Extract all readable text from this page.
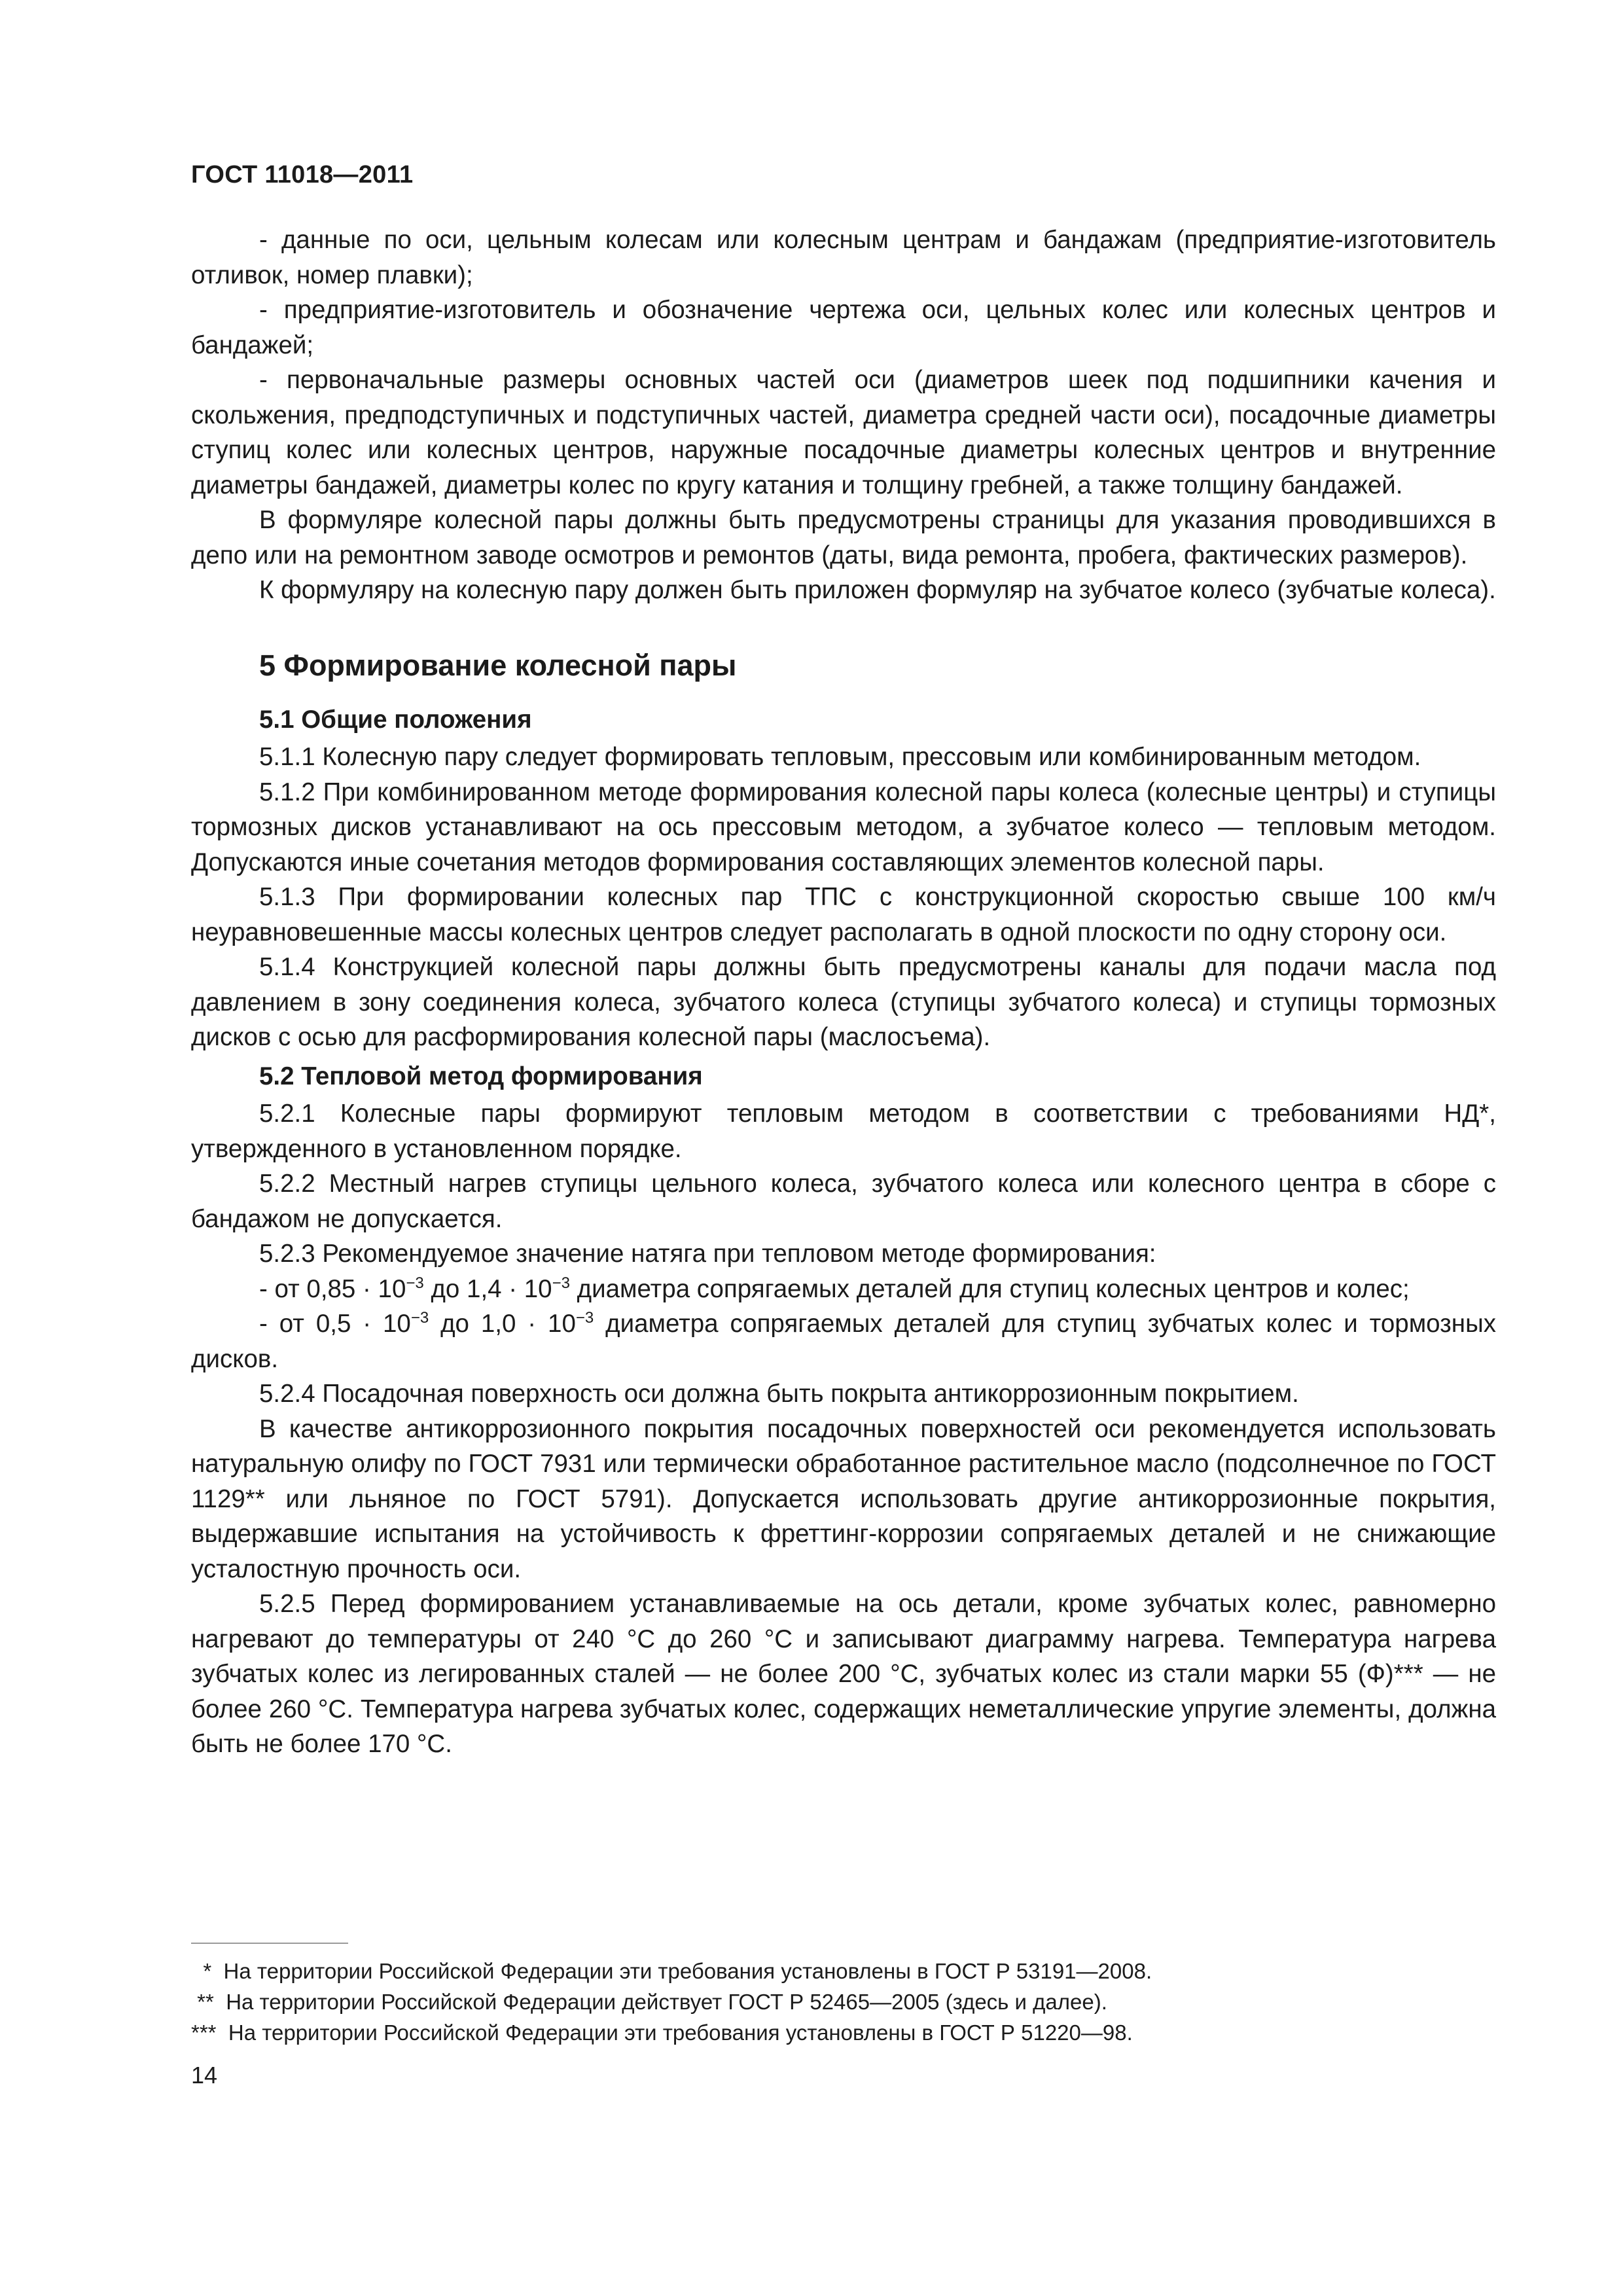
ГОСТ 11018—2011

- данные по оси, цельным колесам или колесным центрам и бандажам (предприятие-изготовитель отливок, номер плавки);

- предприятие-изготовитель и обозначение чертежа оси, цельных колес или колесных центров и бандажей;

- первоначальные размеры основных частей оси (диаметров шеек под подшипники качения и скольжения, предподступичных и подступичных частей, диаметра средней части оси), посадочные диаметры ступиц колес или колесных центров, наружные посадочные диаметры колесных центров и внутренние диаметры бандажей, диаметры колес по кругу катания и толщину гребней, а также толщину бандажей.

В формуляре колесной пары должны быть предусмотрены страницы для указания проводившихся в депо или на ремонтном заводе осмотров и ремонтов (даты, вида ремонта, пробега, фактических размеров).

К формуляру на колесную пару должен быть приложен формуляр на зубчатое колесо (зубчатые колеса).

5 Формирование колесной пары
5.1 Общие положения

5.1.1 Колесную пару следует формировать тепловым, прессовым или комбинированным методом.

5.1.2 При комбинированном методе формирования колесной пары колеса (колесные центры) и ступицы тормозных дисков устанавливают на ось прессовым методом, а зубчатое колесо — тепловым методом. Допускаются иные сочетания методов формирования составляющих элементов колесной пары.

5.1.3 При формировании колесных пар ТПС с конструкционной скоростью свыше 100 км/ч неуравновешенные массы колесных центров следует располагать в одной плоскости по одну сторону оси.

5.1.4 Конструкцией колесной пары должны быть предусмотрены каналы для подачи масла под давлением в зону соединения колеса, зубчатого колеса (ступицы зубчатого колеса) и ступицы тормозных дисков с осью для расформирования колесной пары (маслосъема).

5.2 Тепловой метод формирования

5.2.1 Колесные пары формируют тепловым методом в соответствии с требованиями НД*, утвержденного в установленном порядке.

5.2.2 Местный нагрев ступицы цельного колеса, зубчатого колеса или колесного центра в сборе с бандажом не допускается.

5.2.3 Рекомендуемое значение натяга при тепловом методе формирования:

- от $0,85 \cdot 10^{-3}$ до $1,4 \cdot 10^{-3}$ диаметра сопрягаемых деталей для ступиц колесных центров и колес;

- от $0,5 \cdot 10^{-3}$ до $1,0 \cdot 10^{-3}$ диаметра сопрягаемых деталей для ступиц зубчатых колес и тормозных дисков.

5.2.4 Посадочная поверхность оси должна быть покрыта антикоррозионным покрытием.

В качестве антикоррозионного покрытия посадочных поверхностей оси рекомендуется использовать натуральную олифу по ГОСТ 7931 или термически обработанное растительное масло (подсолнечное по ГОСТ 1129** или льняное по ГОСТ 5791). Допускается использовать другие антикоррозионные покрытия, выдержавшие испытания на устойчивость к фреттинг-коррозии сопрягаемых деталей и не снижающие усталостную прочность оси.

5.2.5 Перед формированием устанавливаемые на ось детали, кроме зубчатых колес, равномерно нагревают до температуры от 240 °С до 260 °С и записывают диаграмму нагрева. Температура нагрева зубчатых колес из легированных сталей — не более 200 °С, зубчатых колес из стали марки 55 (Ф)*** — не более 260 °С. Температура нагрева зубчатых колес, содержащих неметаллические упругие элементы, должна быть не более 170 °С.

*  На территории Российской Федерации эти требования установлены в ГОСТ Р 53191—2008.
**  На территории Российской Федерации действует ГОСТ Р 52465—2005 (здесь и далее).
***  На территории Российской Федерации эти требования установлены в ГОСТ Р 51220—98.
14
